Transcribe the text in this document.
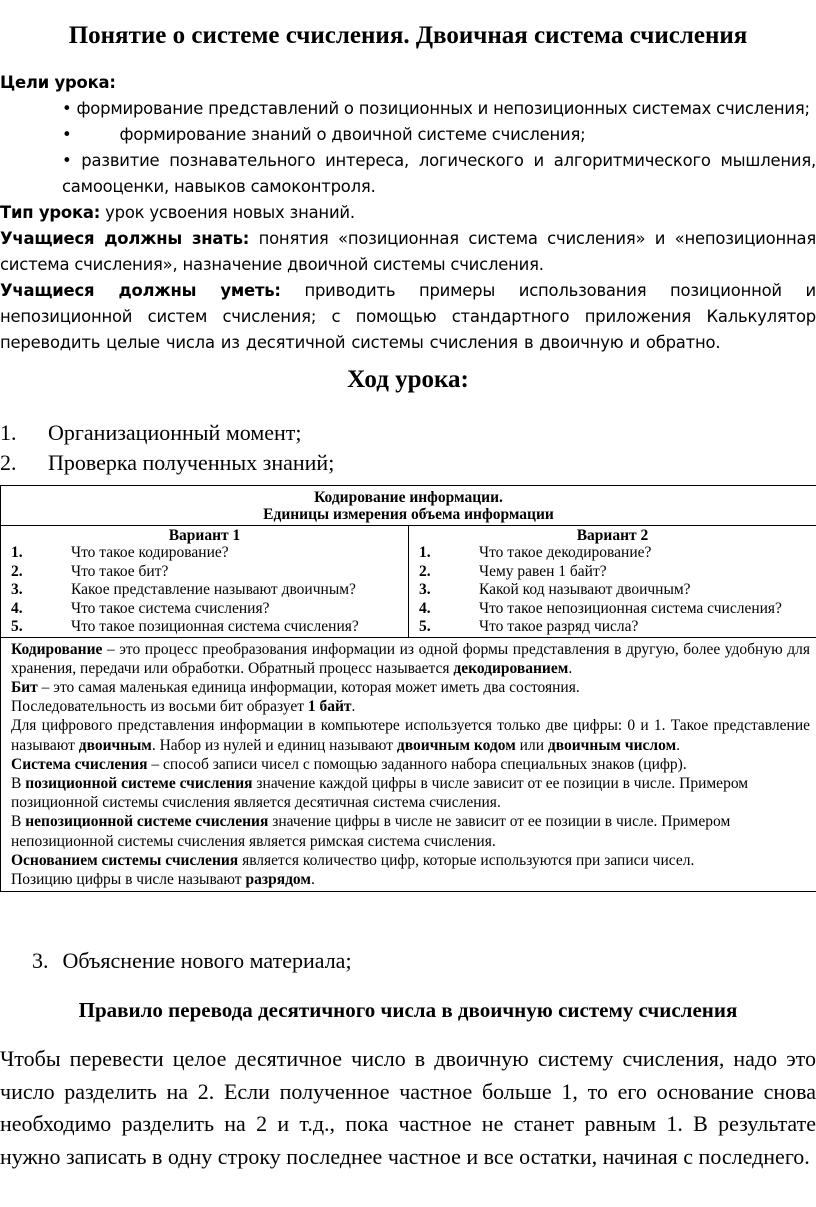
Понятие о системе счисления. Двоичная система счисления

Цели урока:

• формирование представлений о позиционных и непозиционных системах счисления;

•	формирование знаний о двоичной системе счисления;

• развитие познавательного интереса, логического и алгоритмического мышления, самооценки, навыков самоконтроля.

Тип урока: урок усвоения новых знаний.

Учащиеся должны знать: понятия «позиционная система счисления» и «непозиционная система счисления», назначение двоичной системы счисления.

Учащиеся должны уметь: приводить примеры использования позиционной и непозиционной систем счисления; с помощью стандартного приложения Калькулятор переводить целые числа из десятичной системы счисления в двоичную и обратно.

Ход урока:
1. Организационный момент;
2. Проверка полученных знаний;
Кодирование информации.
Единицы измерения объема информации
Вариант 1
1.	Что такое кодирование?
2.	Что такое бит?
3.	Какое представление называют двоичным?
4.	Что такое система счисления?
5.	Что такое позиционная система счисления?
Вариант 2
1.	Что такое декодирование?
2.	Чему равен 1 байт?
3.	Какой код называют двоичным?
4.	Что такое непозиционная система счисления?
5.	Что такое разряд числа?

Кодирование – это процесс преобразования информации из одной формы представления в другую, более удобную для хранения, передачи или обработки. Обратный процесс называется декодированием.

Бит – это самая маленькая единица информации, которая может иметь два состояния.

Последовательность из восьми бит образует 1 байт.

Для цифрового представления информации в компьютере используется только две цифры: 0 и 1. Такое представление называют двоичным. Набор из нулей и единиц называют двоичным кодом или двоичным числом.

Система счисления – способ записи чисел с помощью заданного набора специальных знаков (цифр).

В позиционной системе счисления значение каждой цифры в числе зависит от ее позиции в числе. Примером позиционной системы счисления является десятичная система счисления.

В непозиционной системе счисления значение цифры в числе не зависит от ее позиции в числе. Примером непозиционной системы счисления является римская система счисления.

Основанием системы счисления является количество цифр, которые используются при записи чисел.

Позицию цифры в числе называют разрядом.

3. Объяснение нового материала;
Правило перевода десятичного числа в двоичную систему счисления
Чтобы перевести целое десятичное число в двоичную систему счисления, надо это число разделить на 2. Если полученное частное больше 1, то его основание снова необходимо разделить на 2 и т.д., пока частное не станет равным 1. В результате нужно записать в одну строку последнее частное и все остатки, начиная с последнего.
